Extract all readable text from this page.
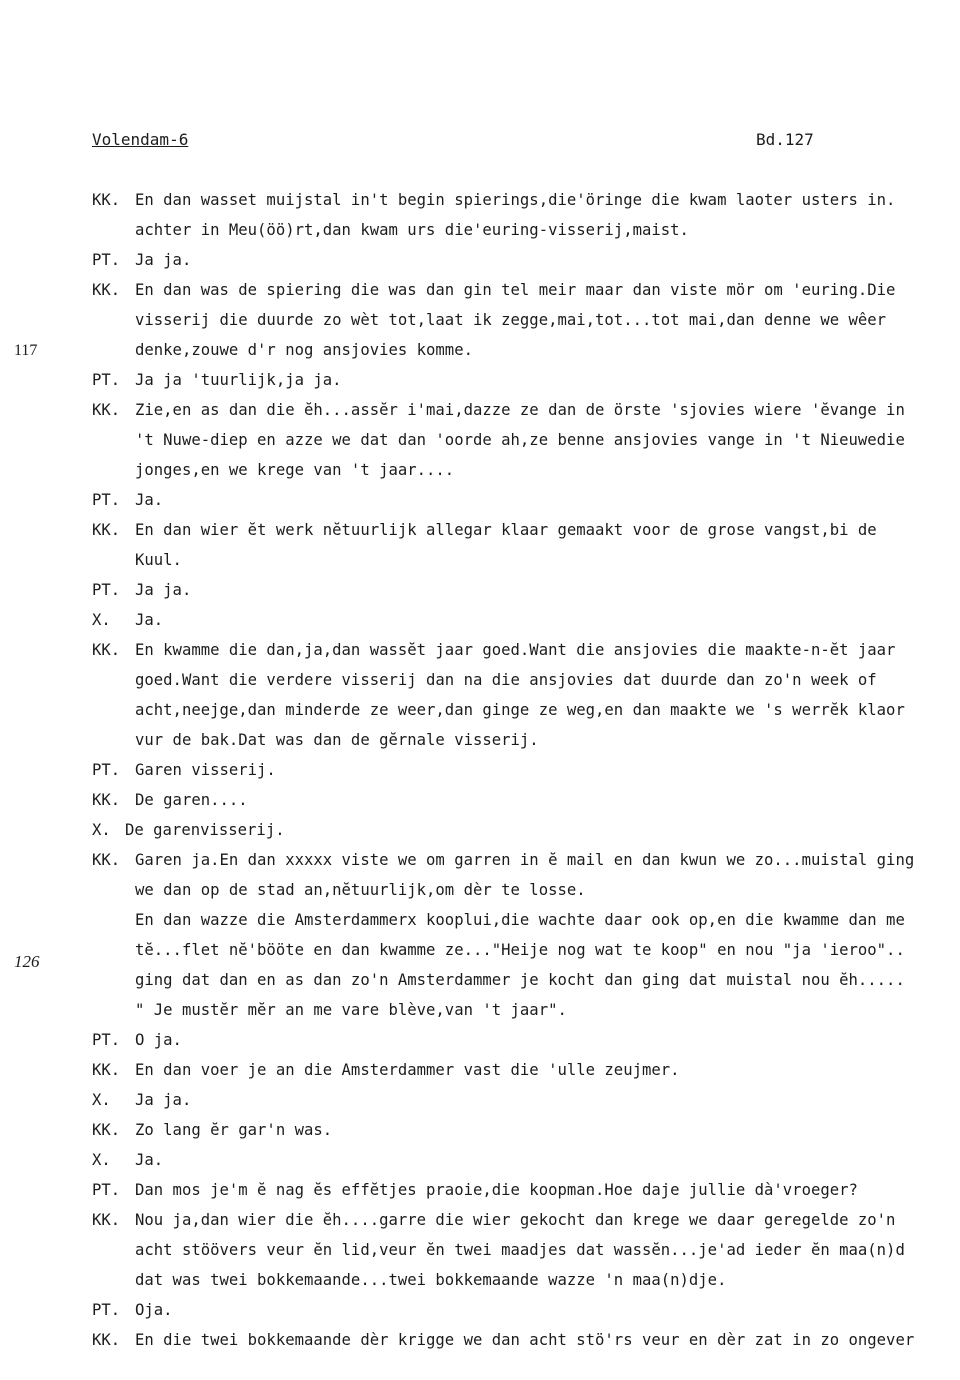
Volendam-6	Bd.127
117
126
KK. En dan wasset muijstal in't begin spierings,die'öringe die kwam laoter usters in.
achter in Meu(öö)rt,dan kwam urs die'euring-visserij,maist.
PT. Ja ja.
KK. En dan was de spiering die was dan gin tel meir maar dan viste mör om 'euring.Die
visserij die duurde zo wèt tot,laat ik zegge,mai,tot...tot mai,dan denne we wêer
denke,zouwe d'r nog ansjovies komme.
PT. Ja ja 'tuurlijk,ja ja.
KK. Zie,en as dan die ĕh...assĕr i'mai,dazze ze dan de örste 'sjovies wiere 'ĕvange in
't Nuwe-diep en azze we dat dan 'oorde ah,ze benne ansjovies vange in 't Nieuwedie
jonges,en we krege van 't jaar....
PT. Ja.
KK. En dan wier ĕt werk nĕtuurlijk allegar klaar gemaakt voor de grose vangst,bi de
Kuul.
PT. Ja ja.
X. Ja.
KK. En kwamme die dan,ja,dan wassĕt jaar goed.Want die ansjovies die maakte-n-ĕt jaar
goed.Want die verdere visserij dan na die ansjovies dat duurde dan zo'n week of
acht,neejge,dan minderde ze weer,dan ginge ze weg,en dan maakte we 's werrĕk klaor
vur de bak.Dat was dan de gĕrnale visserij.
PT. Garen visserij.
KK. De garen....
X. De garenvisserij.
KK. Garen ja.En dan xxxxx viste we om garren in ĕ mail en dan kwun we zo...muistal ging
we dan op de stad an,nĕtuurlijk,om dèr te losse.
En dan wazze die Amsterdammerx kooplui,die wachte daar ook op,en die kwamme dan me
tĕ...flet nĕ'bööte en dan kwamme ze..."Heije nog wat te koop" en nou "ja 'ieroo"..
ging dat dan en as dan zo'n Amsterdammer je kocht dan ging dat muistal nou ĕh.....
" Je mustĕr mĕr an me vare blève,van 't jaar".
PT. O ja.
KK. En dan voer je an die Amsterdammer vast die 'ulle zeujmer.
X. Ja ja.
KK. Zo lang ĕr gar'n was.
X. Ja.
PT. Dan mos je'm ĕ nag ĕs effĕtjes praoie,die koopman.Hoe daje jullie dà'vroeger?
KK. Nou ja,dan wier die ĕh....garre die wier gekocht dan krege we daar geregelde zo'n
acht stöövers veur ĕn lid,veur ĕn twei maadjes dat wassĕn...je'ad ieder ĕn maa(n)d
dat was twei bokkemaande...twei bokkemaande wazze 'n maa(n)dje.
PT. Oja.
KK. En die twei bokkemaande dèr krigge we dan acht stö'rs veur en dèr zat in zo ongever
